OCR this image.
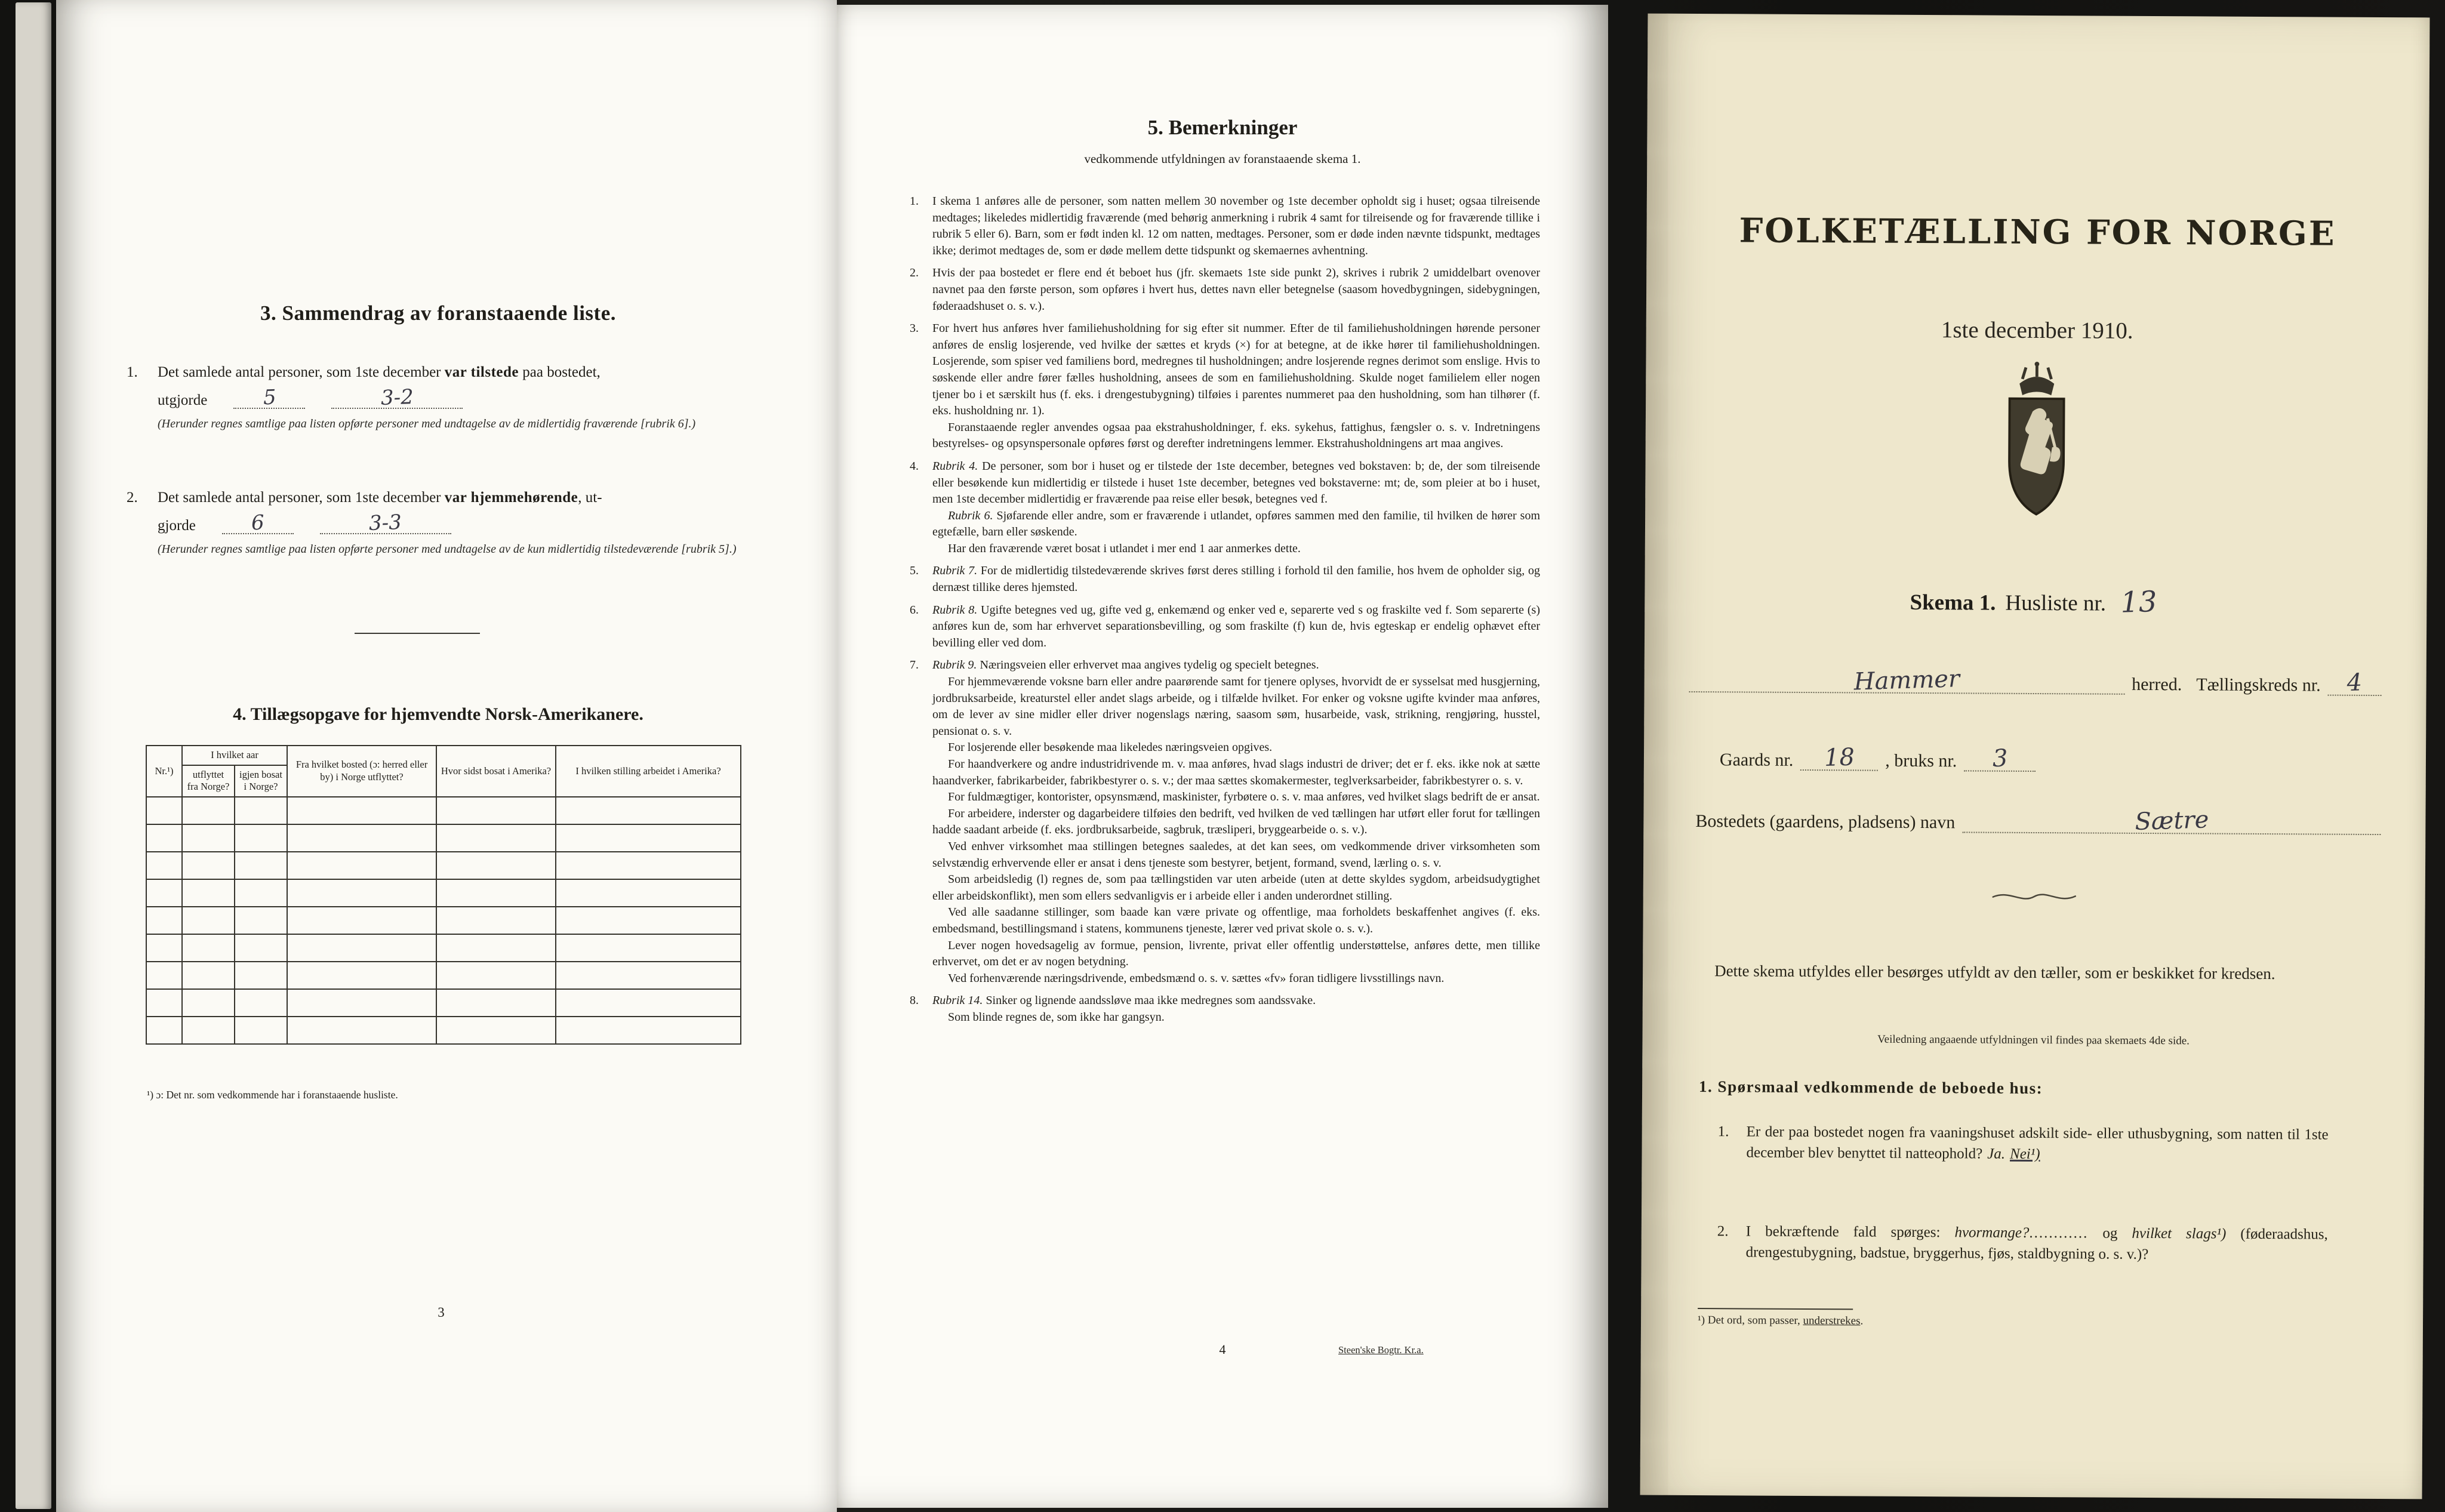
3. Sammendrag av foranstaaende liste.
1. Det samlede antal personer, som 1ste december var tilstede paa bostedet,

utgjorde	5	3-2

(Herunder regnes samtlige paa listen opførte personer med undtagelse av de midlertidig fraværende [rubrik 6].)

2. Det samlede antal personer, som 1ste december var hjemmehørende, ut-

gjorde	6	3-3

(Herunder regnes samtlige paa listen opførte personer med undtagelse av de kun midlertidig tilstedeværende [rubrik 5].)

4. Tillægsopgave for hjemvendte Norsk-Amerikanere.
Nr.¹)	I hvilket aar		Fra hvilket bosted (ɔ: herred eller by) i Norge utflyttet?	Hvor sidst bosat i Amerika?	I hvilken stilling arbeidet i Amerika?
	utflyttet fra Norge?	igjen bosat i Norge?			

¹) ɔ: Det nr. som vedkommende har i foranstaaende husliste.

3
5. Bemerkninger

vedkommende utfyldningen av foranstaaende skema 1.

1. I skema 1 anføres alle de personer, som natten mellem 30 november og 1ste december opholdt sig i huset; ogsaa tilreisende medtages; likeledes midlertidig fraværende (med behørig anmerkning i rubrik 4 samt for tilreisende og for fraværende tillike i rubrik 5 eller 6). Barn, som er født inden kl. 12 om natten, medtages. Personer, som er døde inden nævnte tidspunkt, medtages ikke; derimot medtages de, som er døde mellem dette tidspunkt og skemaernes avhentning.

2. Hvis der paa bostedet er flere end ét beboet hus (jfr. skemaets 1ste side punkt 2), skrives i rubrik 2 umiddelbart ovenover navnet paa den første person, som opføres i hvert hus, dettes navn eller betegnelse (saasom hovedbygningen, sidebygningen, føderaadshuset o. s. v.).

3. For hvert hus anføres hver familiehusholdning for sig efter sit nummer. Efter de til familiehusholdningen hørende personer anføres de enslig losjerende, ved hvilke der sættes et kryds (×) for at betegne, at de ikke hører til familiehusholdningen. Losjerende, som spiser ved familiens bord, medregnes til husholdningen; andre losjerende regnes derimot som enslige. Hvis to søskende eller andre fører fælles husholdning, ansees de som en familiehusholdning. Skulde noget familielem eller nogen tjener bo i et særskilt hus (f. eks. i drengestubygning) tilføies i parentes nummeret paa den husholdning, som han tilhører (f. eks. husholdning nr. 1).

Foranstaaende regler anvendes ogsaa paa ekstrahusholdninger, f. eks. sykehus, fattighus, fængsler o. s. v. Indretningens bestyrelses- og opsynspersonale opføres først og derefter indretningens lemmer. Ekstrahusholdningens art maa angives.

4. Rubrik 4. De personer, som bor i huset og er tilstede der 1ste december, betegnes ved bokstaven: b; de, der som tilreisende eller besøkende kun midlertidig er tilstede i huset 1ste december, betegnes ved bokstaverne: mt; de, som pleier at bo i huset, men 1ste december midlertidig er fraværende paa reise eller besøk, betegnes ved f.

Rubrik 6. Sjøfarende eller andre, som er fraværende i utlandet, opføres sammen med den familie, til hvilken de hører som egtefælle, barn eller søskende.

Har den fraværende været bosat i utlandet i mer end 1 aar anmerkes dette.

5. Rubrik 7. For de midlertidig tilstedeværende skrives først deres stilling i forhold til den familie, hos hvem de opholder sig, og dernæst tillike deres hjemsted.

6. Rubrik 8. Ugifte betegnes ved ug, gifte ved g, enkemænd og enker ved e, separerte ved s og fraskilte ved f. Som separerte (s) anføres kun de, som har erhvervet separationsbevilling, og som fraskilte (f) kun de, hvis egteskap er endelig ophævet efter bevilling eller ved dom.

7. Rubrik 9. Næringsveien eller erhvervet maa angives tydelig og specielt betegnes.

For hjemmeværende voksne barn eller andre paarørende samt for tjenere oplyses, hvorvidt de er sysselsat med husgjerning, jordbruksarbeide, kreaturstel eller andet slags arbeide, og i tilfælde hvilket. For enker og voksne ugifte kvinder maa anføres, om de lever av sine midler eller driver nogenslags næring, saasom søm, husarbeide, vask, strikning, rengjøring, husstel, pensionat o. s. v.

For losjerende eller besøkende maa likeledes næringsveien opgives.

For haandverkere og andre industridrivende m. v. maa anføres, hvad slags industri de driver; det er f. eks. ikke nok at sætte haandverker, fabrikarbeider, fabrikbestyrer o. s. v.; der maa sættes skomakermester, teglverksarbeider, fabrikbestyrer o. s. v.

For fuldmægtiger, kontorister, opsynsmænd, maskinister, fyrbøtere o. s. v. maa anføres, ved hvilket slags bedrift de er ansat.

For arbeidere, inderster og dagarbeidere tilføies den bedrift, ved hvilken de ved tællingen har utført eller forut for tællingen hadde saadant arbeide (f. eks. jordbruksarbeide, sagbruk, træsliperi, bryggearbeide o. s. v.).

Ved enhver virksomhet maa stillingen betegnes saaledes, at det kan sees, om vedkommende driver virksomheten som selvstændig erhvervende eller er ansat i dens tjeneste som bestyrer, betjent, formand, svend, lærling o. s. v.

Som arbeidsledig (l) regnes de, som paa tællingstiden var uten arbeide (uten at dette skyldes sygdom, arbeidsudygtighet eller arbeidskonflikt), men som ellers sedvanligvis er i arbeide eller i anden underordnet stilling.

Ved alle saadanne stillinger, som baade kan være private og offentlige, maa forholdets beskaffenhet angives (f. eks. embedsmand, bestillingsmand i statens, kommunens tjeneste, lærer ved privat skole o. s. v.).

Lever nogen hovedsagelig av formue, pension, livrente, privat eller offentlig understøttelse, anføres dette, men tillike erhvervet, om det er av nogen betydning.

Ved forhenværende næringsdrivende, embedsmænd o. s. v. sættes «fv» foran tidligere livsstillings navn.

8. Rubrik 14. Sinker og lignende aandssløve maa ikke medregnes som aandssvake.

Som blinde regnes de, som ikke har gangsyn.

4	Steen'ske Bogtr. Kr.a.
FOLKETÆLLING FOR NORGE

1ste december 1910.

Skema 1. Husliste nr. 13

Hammer	herred. Tællingskreds nr. 4
Gaards nr.	18	, bruks nr. 3
Bostedets (gaardens, pladsens) navn	Sætre

Dette skema utfyldes eller besørges utfyldt av den tæller, som er beskikket for kredsen.

Veiledning angaaende utfyldningen vil findes paa skemaets 4de side.

1. Spørsmaal vedkommende de beboede hus:
1. Er der paa bostedet nogen fra vaaningshuset adskilt side- eller uthusbygning, som natten til 1ste december blev benyttet til natteophold? Ja. Nei¹)

2. I bekræftende fald spørges: hvormange?............ og hvilket slags¹) (føderaadshus, drengestubygning, badstue, bryggerhus, fjøs, staldbygning o. s. v.)?

¹) Det ord, som passer, understrekes.
